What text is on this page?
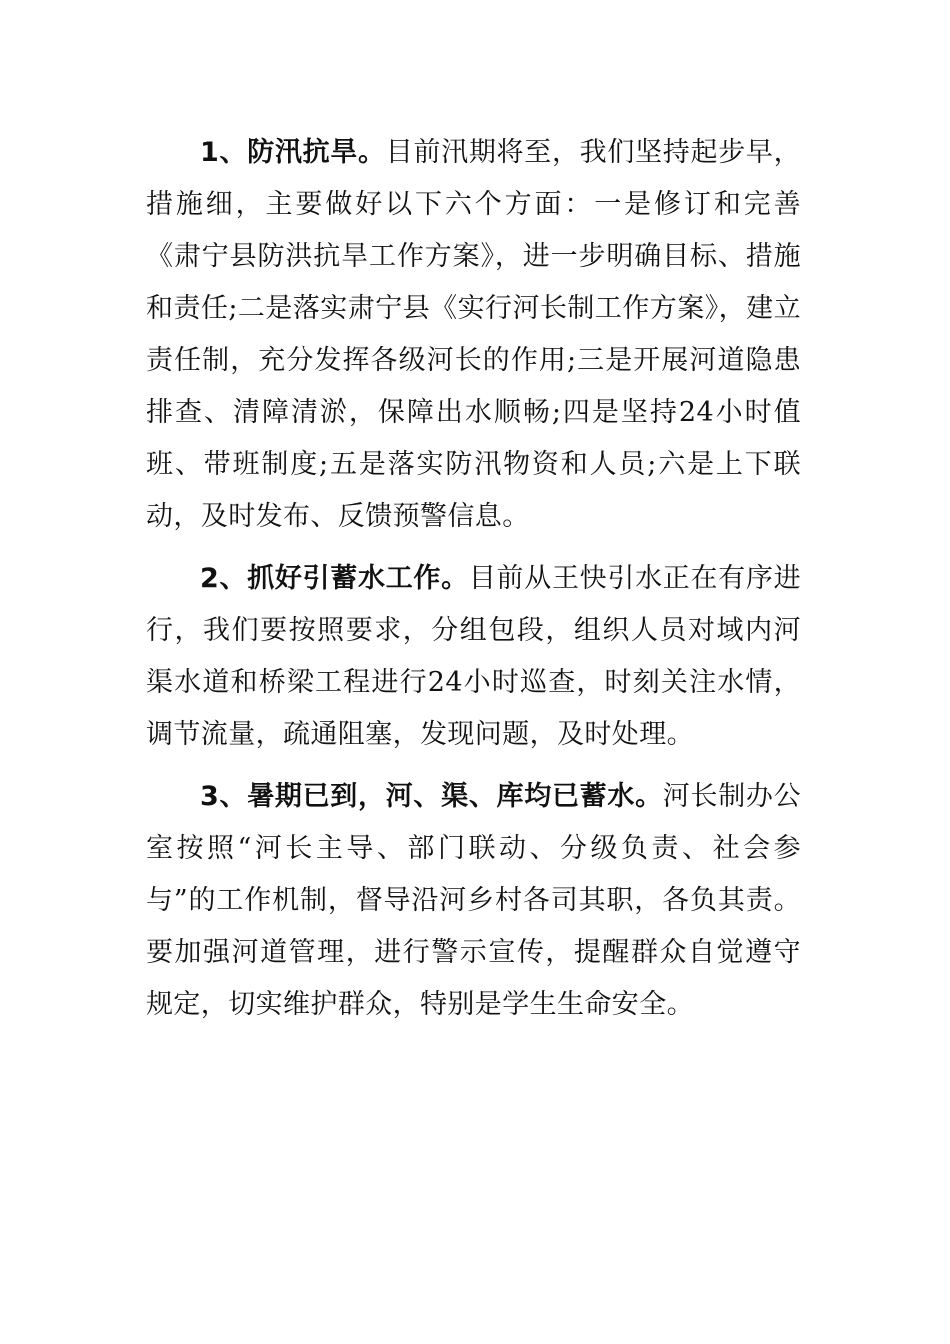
1、防汛抗旱。目前汛期将至，我们坚持起步早，措施细，主要做好以下六个方面：一是修订和完善《肃宁县防洪抗旱工作方案》，进一步明确目标、措施和责任;二是落实肃宁县《实行河长制工作方案》，建立责任制，充分发挥各级河长的作用;三是开展河道隐患排查、清障清淤，保障出水顺畅;四是坚持24小时值班、带班制度;五是落实防汛物资和人员;六是上下联动，及时发布、反馈预警信息。

2、抓好引蓄水工作。目前从王快引水正在有序进行，我们要按照要求，分组包段，组织人员对域内河渠水道和桥梁工程进行24小时巡查，时刻关注水情，调节流量，疏通阻塞，发现问题，及时处理。

3、暑期已到，河、渠、库均已蓄水。河长制办公室按照“河长主导、部门联动、分级负责、社会参与”的工作机制，督导沿河乡村各司其职，各负其责。要加强河道管理，进行警示宣传，提醒群众自觉遵守规定，切实维护群众，特别是学生生命安全。
